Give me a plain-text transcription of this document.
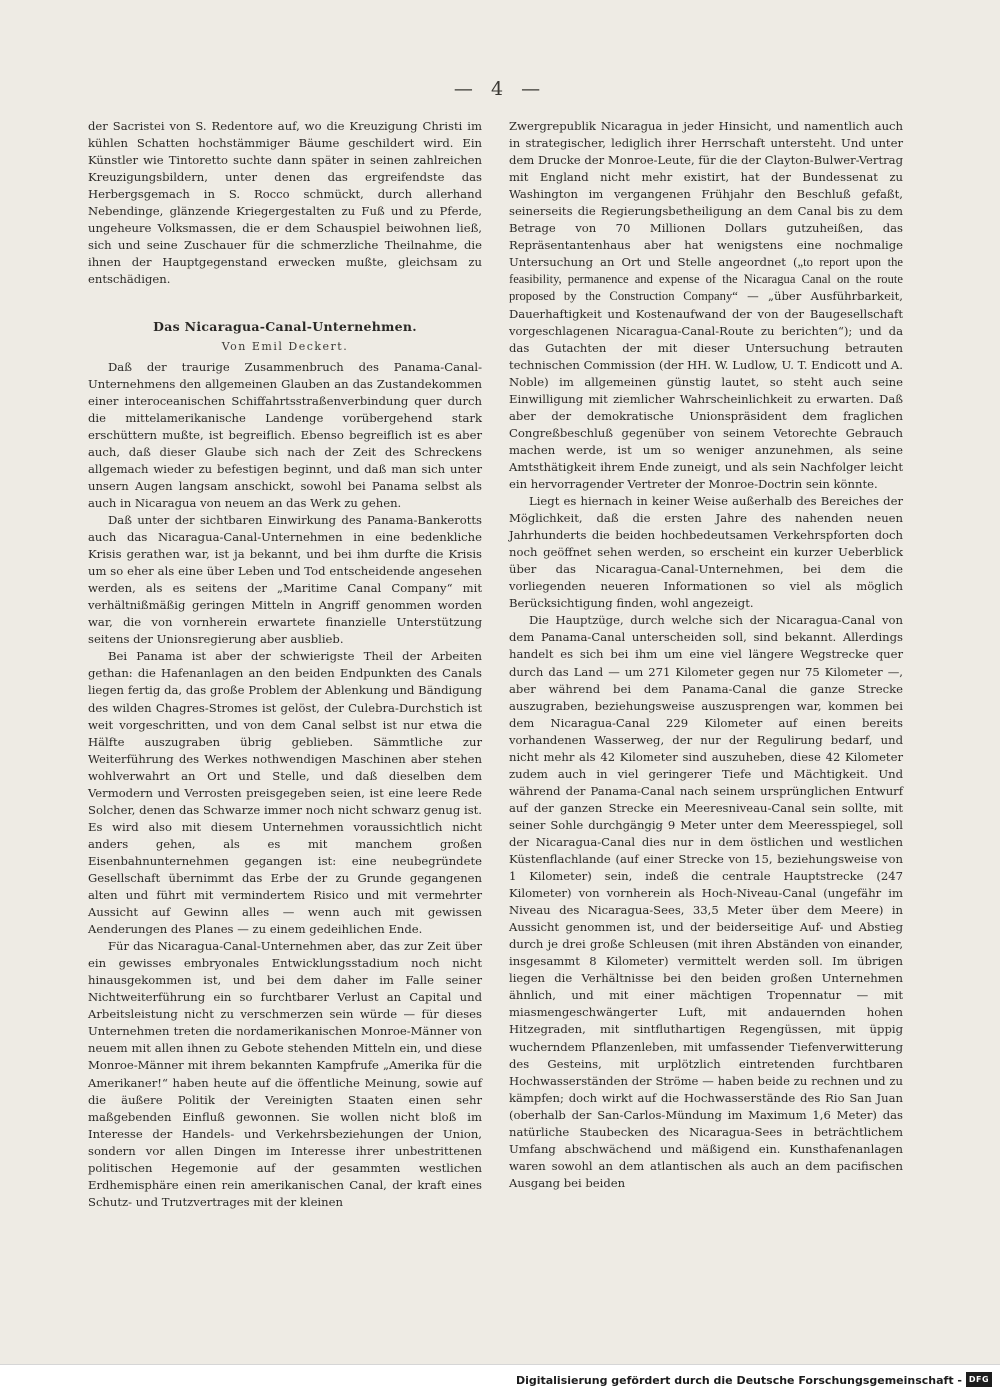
— 4 —

der Sacristei von S. Redentore auf, wo die Kreuzigung Christi im kühlen Schatten hochstämmiger Bäume geschildert wird. Ein Künstler wie Tintoretto suchte dann später in seinen zahlreichen Kreuzigungsbildern, unter denen das ergreifendste das Herbergsgemach in S. Rocco schmückt, durch allerhand Nebendinge, glänzende Kriegergestalten zu Fuß und zu Pferde, ungeheure Volksmassen, die er dem Schauspiel beiwohnen ließ, sich und seine Zuschauer für die schmerzliche Theilnahme, die ihnen der Hauptgegenstand erwecken mußte, gleichsam zu entschädigen.

Das Nicaragua-Canal-Unternehmen.
Von Emil Deckert.

Daß der traurige Zusammenbruch des Panama-Canal-Unternehmens den allgemeinen Glauben an das Zustandekommen einer interoceanischen Schiffahrtsstraßenverbindung quer durch die mittelamerikanische Landenge vorübergehend stark erschüttern mußte, ist begreiflich. Ebenso begreiflich ist es aber auch, daß dieser Glaube sich nach der Zeit des Schreckens allgemach wieder zu befestigen beginnt, und daß man sich unter unsern Augen langsam anschickt, sowohl bei Panama selbst als auch in Nicaragua von neuem an das Werk zu gehen.

Daß unter der sichtbaren Einwirkung des Panama-Bankerotts auch das Nicaragua-Canal-Unternehmen in eine bedenkliche Krisis gerathen war, ist ja bekannt, und bei ihm durfte die Krisis um so eher als eine über Leben und Tod entscheidende angesehen werden, als es seitens der „Maritime Canal Company“ mit verhältnißmäßig geringen Mitteln in Angriff genommen worden war, die von vornherein erwartete finanzielle Unterstützung seitens der Unionsregierung aber ausblieb.

Bei Panama ist aber der schwierigste Theil der Arbeiten gethan: die Hafenanlagen an den beiden Endpunkten des Canals liegen fertig da, das große Problem der Ablenkung und Bändigung des wilden Chagres-Stromes ist gelöst, der Culebra-Durchstich ist weit vorgeschritten, und von dem Canal selbst ist nur etwa die Hälfte auszugraben übrig geblieben. Sämmtliche zur Weiterführung des Werkes nothwendigen Maschinen aber stehen wohlverwahrt an Ort und Stelle, und daß dieselben dem Vermodern und Verrosten preisgegeben seien, ist eine leere Rede Solcher, denen das Schwarze immer noch nicht schwarz genug ist. Es wird also mit diesem Unternehmen voraussichtlich nicht anders gehen, als es mit manchem großen Eisenbahnunternehmen gegangen ist: eine neubegründete Gesellschaft übernimmt das Erbe der zu Grunde gegangenen alten und führt mit vermindertem Risico und mit vermehrter Aussicht auf Gewinn alles — wenn auch mit gewissen Aenderungen des Planes — zu einem gedeihlichen Ende.

Für das Nicaragua-Canal-Unternehmen aber, das zur Zeit über ein gewisses embryonales Entwicklungsstadium noch nicht hinausgekommen ist, und bei dem daher im Falle seiner Nichtweiterführung ein so furchtbarer Verlust an Capital und Arbeitsleistung nicht zu verschmerzen sein würde — für dieses Unternehmen treten die nordamerikanischen Monroe-Männer von neuem mit allen ihnen zu Gebote stehenden Mitteln ein, und diese Monroe-Männer mit ihrem bekannten Kampfrufe „Amerika für die Amerikaner!“ haben heute auf die öffentliche Meinung, sowie auf die äußere Politik der Vereinigten Staaten einen sehr maßgebenden Einfluß gewonnen. Sie wollen nicht bloß im Interesse der Handels- und Verkehrsbeziehungen der Union, sondern vor allen Dingen im Interesse ihrer unbestrittenen politischen Hegemonie auf der gesammten westlichen Erdhemisphäre einen rein amerikanischen Canal, der kraft eines Schutz- und Trutzvertrages mit der kleinen

Zwergrepublik Nicaragua in jeder Hinsicht, und namentlich auch in strategischer, lediglich ihrer Herrschaft untersteht. Und unter dem Drucke der Monroe-Leute, für die der Clayton-Bulwer-Vertrag mit England nicht mehr existirt, hat der Bundessenat zu Washington im vergangenen Frühjahr den Beschluß gefaßt, seinerseits die Regierungsbetheiligung an dem Canal bis zu dem Betrage von 70 Millionen Dollars gutzuheißen, das Repräsentantenhaus aber hat wenigstens eine nochmalige Untersuchung an Ort und Stelle angeordnet („to report upon the feasibility, permanence and expense of the Nicaragua Canal on the route proposed by the Construction Company“ — „über Ausführbarkeit, Dauerhaftigkeit und Kostenaufwand der von der Baugesellschaft vorgeschlagenen Nicaragua-Canal-Route zu berichten“); und da das Gutachten der mit dieser Untersuchung betrauten technischen Commission (der HH. W. Ludlow, U. T. Endicott und A. Noble) im allgemeinen günstig lautet, so steht auch seine Einwilligung mit ziemlicher Wahrscheinlichkeit zu erwarten. Daß aber der demokratische Unionspräsident dem fraglichen Congreßbeschluß gegenüber von seinem Vetorechte Gebrauch machen werde, ist um so weniger anzunehmen, als seine Amtsthätigkeit ihrem Ende zuneigt, und als sein Nachfolger leicht ein hervorragender Vertreter der Monroe-Doctrin sein könnte.

Liegt es hiernach in keiner Weise außerhalb des Bereiches der Möglichkeit, daß die ersten Jahre des nahenden neuen Jahrhunderts die beiden hochbedeutsamen Verkehrspforten doch noch geöffnet sehen werden, so erscheint ein kurzer Ueberblick über das Nicaragua-Canal-Unternehmen, bei dem die vorliegenden neueren Informationen so viel als möglich Berücksichtigung finden, wohl angezeigt.

Die Hauptzüge, durch welche sich der Nicaragua-Canal von dem Panama-Canal unterscheiden soll, sind bekannt. Allerdings handelt es sich bei ihm um eine viel längere Wegstrecke quer durch das Land — um 271 Kilometer gegen nur 75 Kilometer —, aber während bei dem Panama-Canal die ganze Strecke auszugraben, beziehungsweise auszusprengen war, kommen bei dem Nicaragua-Canal 229 Kilometer auf einen bereits vorhandenen Wasserweg, der nur der Regulirung bedarf, und nicht mehr als 42 Kilometer sind auszuheben, diese 42 Kilometer zudem auch in viel geringerer Tiefe und Mächtigkeit. Und während der Panama-Canal nach seinem ursprünglichen Entwurf auf der ganzen Strecke ein Meeresniveau-Canal sein sollte, mit seiner Sohle durchgängig 9 Meter unter dem Meeresspiegel, soll der Nicaragua-Canal dies nur in dem östlichen und westlichen Küstenflachlande (auf einer Strecke von 15, beziehungsweise von 1 Kilometer) sein, indeß die centrale Hauptstrecke (247 Kilometer) von vornherein als Hoch-Niveau-Canal (ungefähr im Niveau des Nicaragua-Sees, 33,5 Meter über dem Meere) in Aussicht genommen ist, und der beiderseitige Auf- und Abstieg durch je drei große Schleusen (mit ihren Abständen von einander, insgesammt 8 Kilometer) vermittelt werden soll. Im übrigen liegen die Verhältnisse bei den beiden großen Unternehmen ähnlich, und mit einer mächtigen Tropennatur — mit miasmengeschwängerter Luft, mit andauernden hohen Hitzegraden, mit sintfluthartigen Regengüssen, mit üppig wucherndem Pflanzenleben, mit umfassender Tiefenverwitterung des Gesteins, mit urplötzlich eintretenden furchtbaren Hochwasserständen der Ströme — haben beide zu rechnen und zu kämpfen; doch wirkt auf die Hochwasserstände des Rio San Juan (oberhalb der San-Carlos-Mündung im Maximum 1,6 Meter) das natürliche Staubecken des Nicaragua-Sees in beträchtlichem Umfang abschwächend und mäßigend ein. Kunsthafenanlagen waren sowohl an dem atlantischen als auch an dem pacifischen Ausgang bei beiden

Digitalisierung gefördert durch die Deutsche Forschungsgemeinschaft - DFG
